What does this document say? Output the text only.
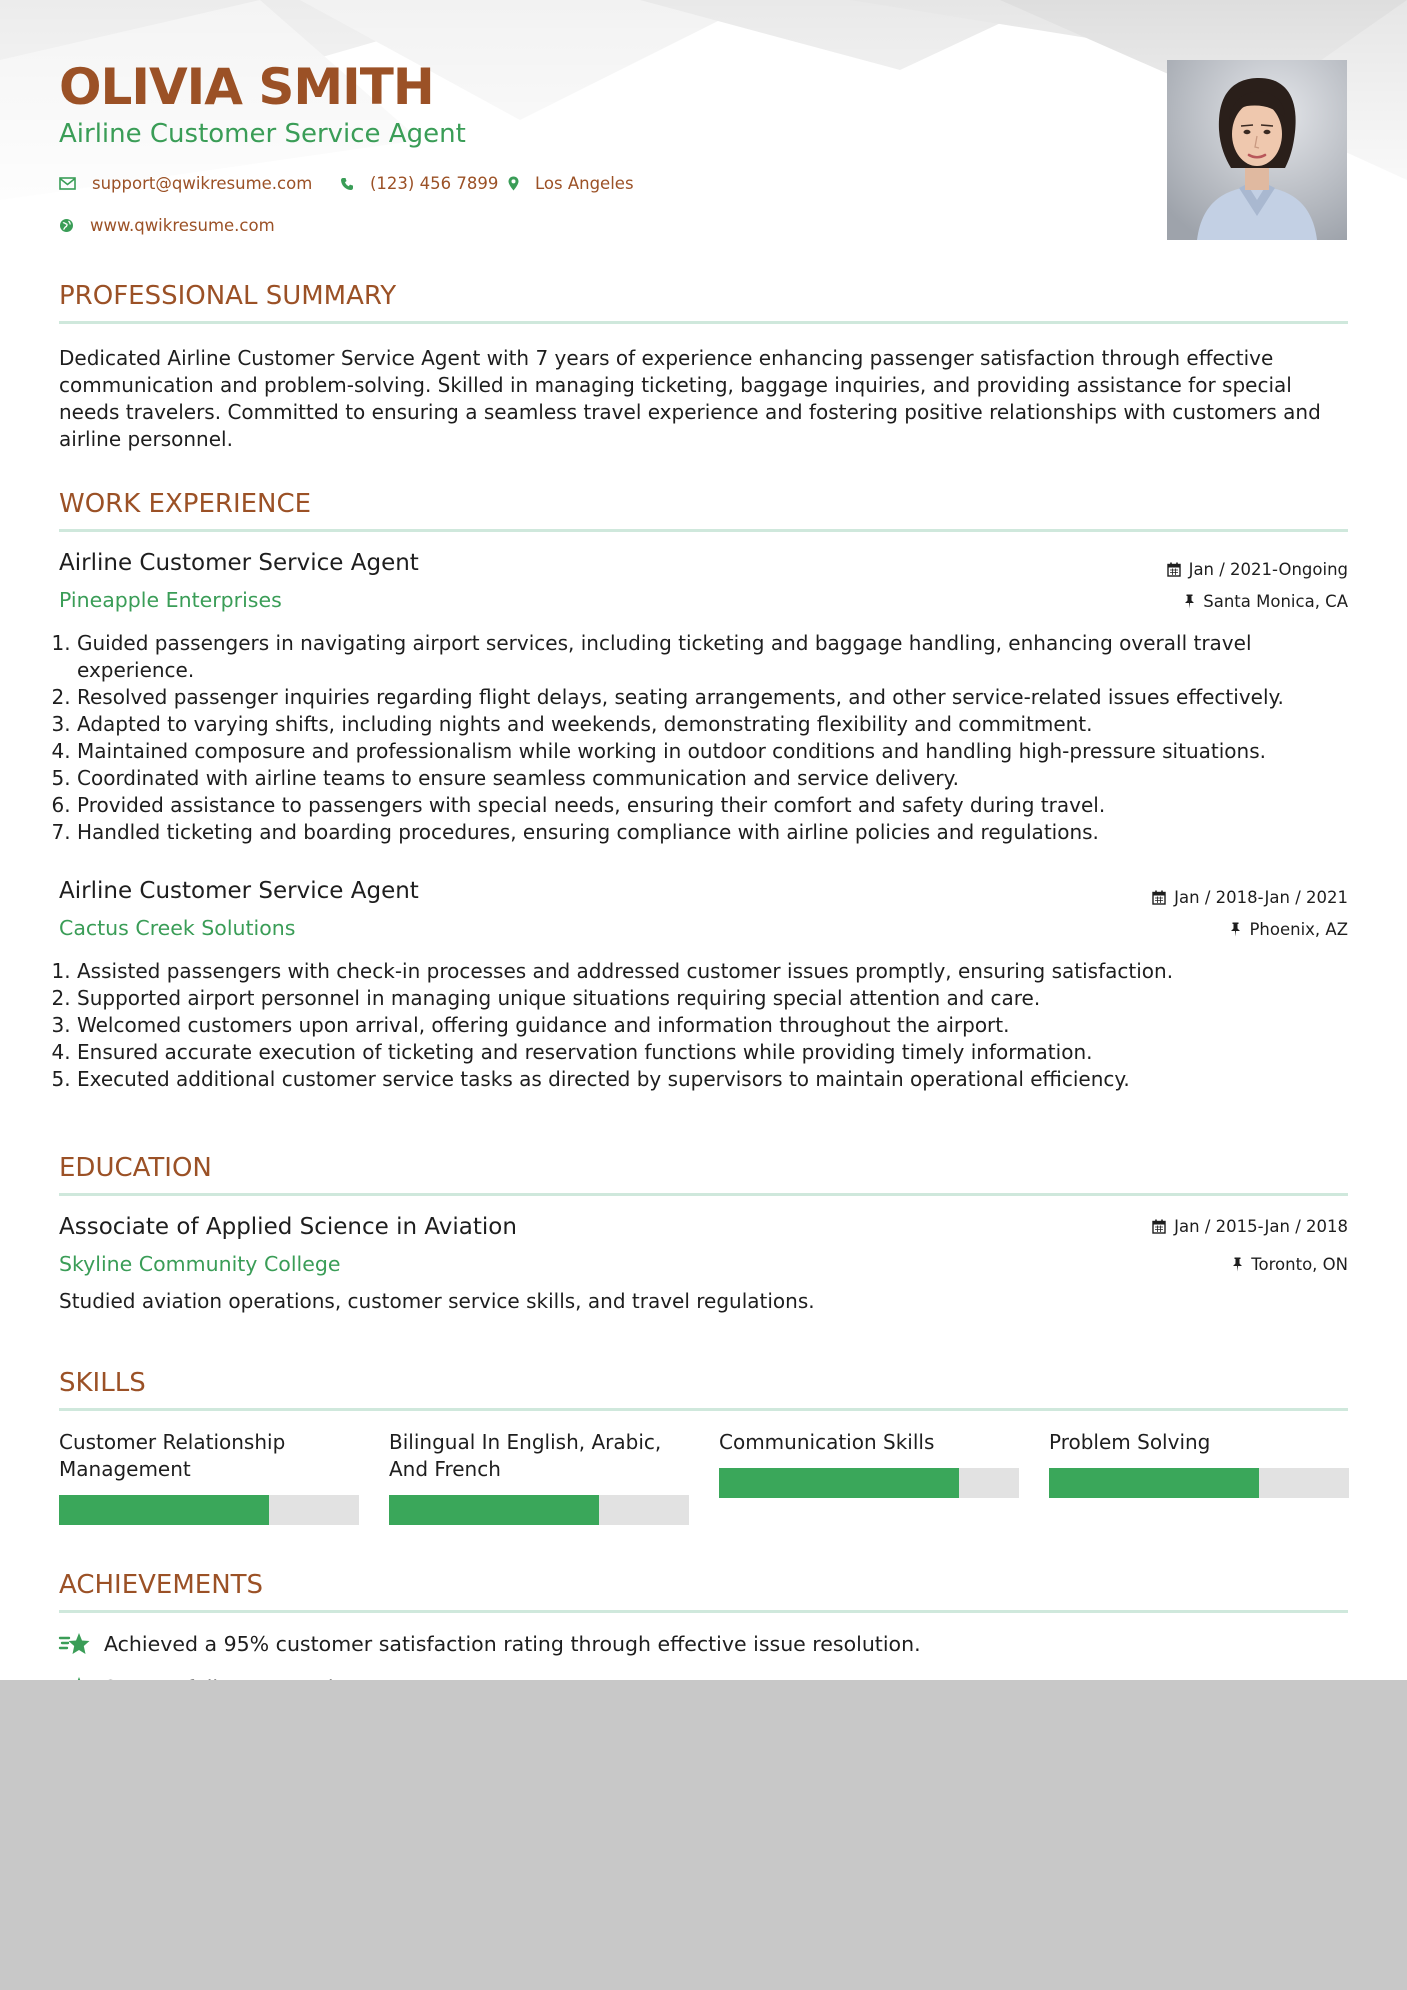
OLIVIA SMITH
Airline Customer Service Agent
support@qwikresume.com	(123) 456 7899 Los Angeles
www.qwikresume.com
PROFESSIONAL SUMMARY
Dedicated Airline Customer Service Agent with 7 years of experience enhancing passenger satisfaction through effective communication and problem-solving. Skilled in managing ticketing, baggage inquiries, and providing assistance for special needs travelers. Committed to ensuring a seamless travel experience and fostering positive relationships with customers and airline personnel.
WORK EXPERIENCE
Airline Customer Service Agent	Jan / 2021-Ongoing
Pineapple Enterprises	Santa Monica, CA
1. Guided passengers in navigating airport services, including ticketing and baggage handling, enhancing overall travel experience.
2. Resolved passenger inquiries regarding flight delays, seating arrangements, and other service-related issues effectively.
3. Adapted to varying shifts, including nights and weekends, demonstrating flexibility and commitment.
4. Maintained composure and professionalism while working in outdoor conditions and handling high-pressure situations.
5. Coordinated with airline teams to ensure seamless communication and service delivery.
6. Provided assistance to passengers with special needs, ensuring their comfort and safety during travel.
7. Handled ticketing and boarding procedures, ensuring compliance with airline policies and regulations.
Airline Customer Service Agent	Jan / 2018-Jan / 2021
Cactus Creek Solutions	Phoenix, AZ
1. Assisted passengers with check-in processes and addressed customer issues promptly, ensuring satisfaction.
2. Supported airport personnel in managing unique situations requiring special attention and care.
3. Welcomed customers upon arrival, offering guidance and information throughout the airport.
4. Ensured accurate execution of ticketing and reservation functions while providing timely information.
5. Executed additional customer service tasks as directed by supervisors to maintain operational efficiency.
EDUCATION
Associate of Applied Science in Aviation	Jan / 2015-Jan / 2018
Skyline Community College	Toronto, ON
Studied aviation operations, customer service skills, and travel regulations.
SKILLS
Customer Relationship Management
Bilingual In English, Arabic, And French
Communication Skills	Problem Solving
ACHIEVEMENTS
Achieved a 95% customer satisfaction rating through effective issue resolution.
